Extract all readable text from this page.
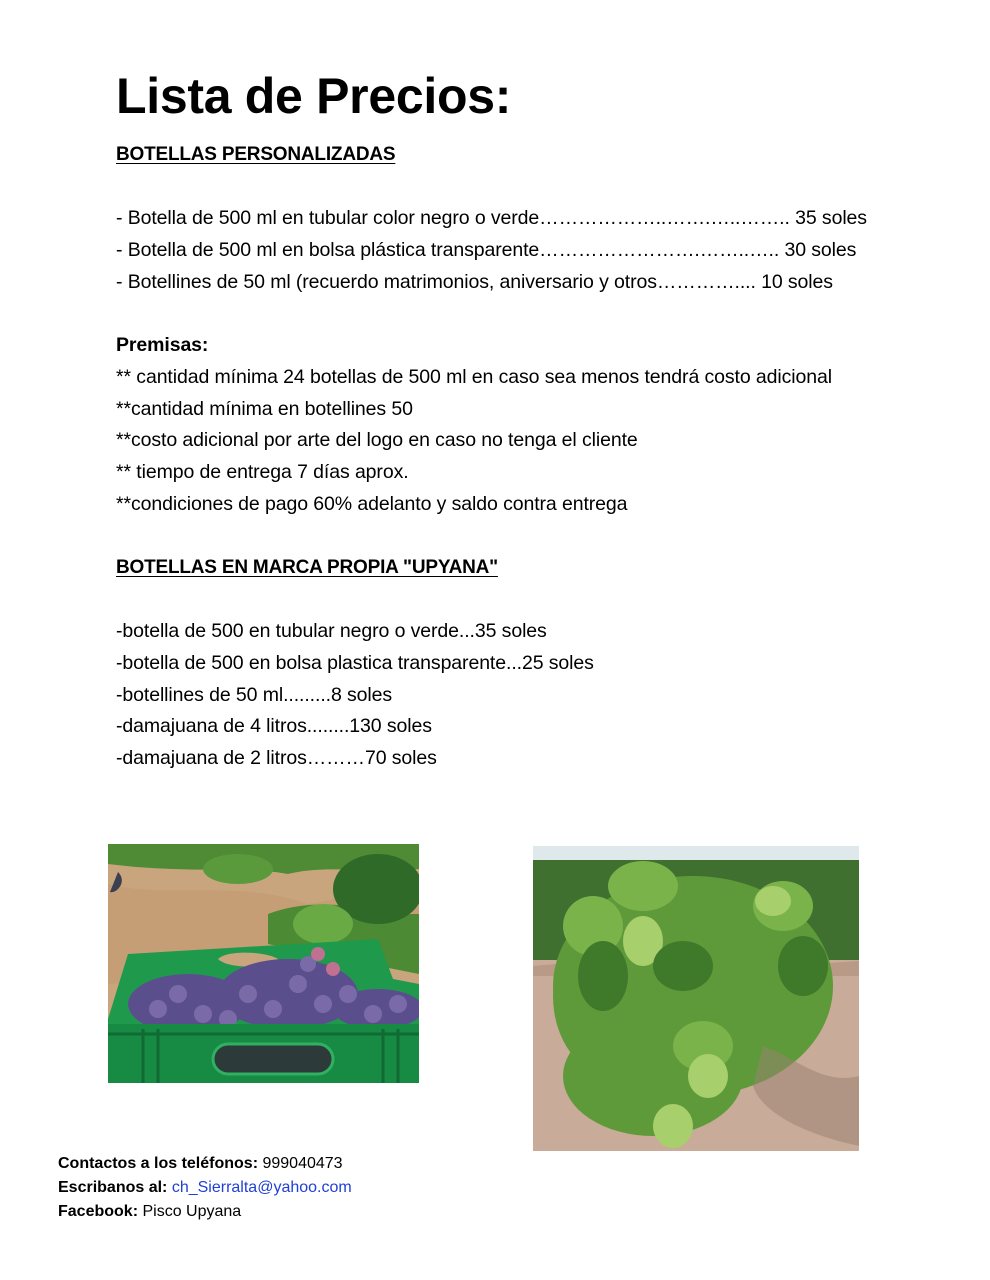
Lista de Precios:
BOTELLAS PERSONALIZADAS
- Botella de 500 ml en tubular color negro o verde………………..…….…..…….. 35 soles
- Botella de 500 ml en bolsa plástica transparente…………………….……..….. 30 soles
- Botellines de 50 ml (recuerdo matrimonios, aniversario y otros………….... 10 soles
Premisas:
** cantidad mínima 24 botellas de 500 ml en caso sea menos tendrá costo adicional
**cantidad mínima en botellines 50
**costo adicional por arte del logo en caso no tenga el cliente
** tiempo de entrega 7 días aprox.
**condiciones de pago 60% adelanto y saldo contra entrega
BOTELLAS EN MARCA PROPIA "UPYANA"
-botella de 500 en tubular negro o verde...35 soles
-botella de 500 en bolsa plastica transparente...25 soles
-botellines de 50 ml.........8 soles
-damajuana de 4 litros........130 soles
-damajuana de 2 litros………70 soles
Contactos a los teléfonos: 999040473
Escribanos al: ch_Sierralta@yahoo.com
Facebook: Pisco Upyana
